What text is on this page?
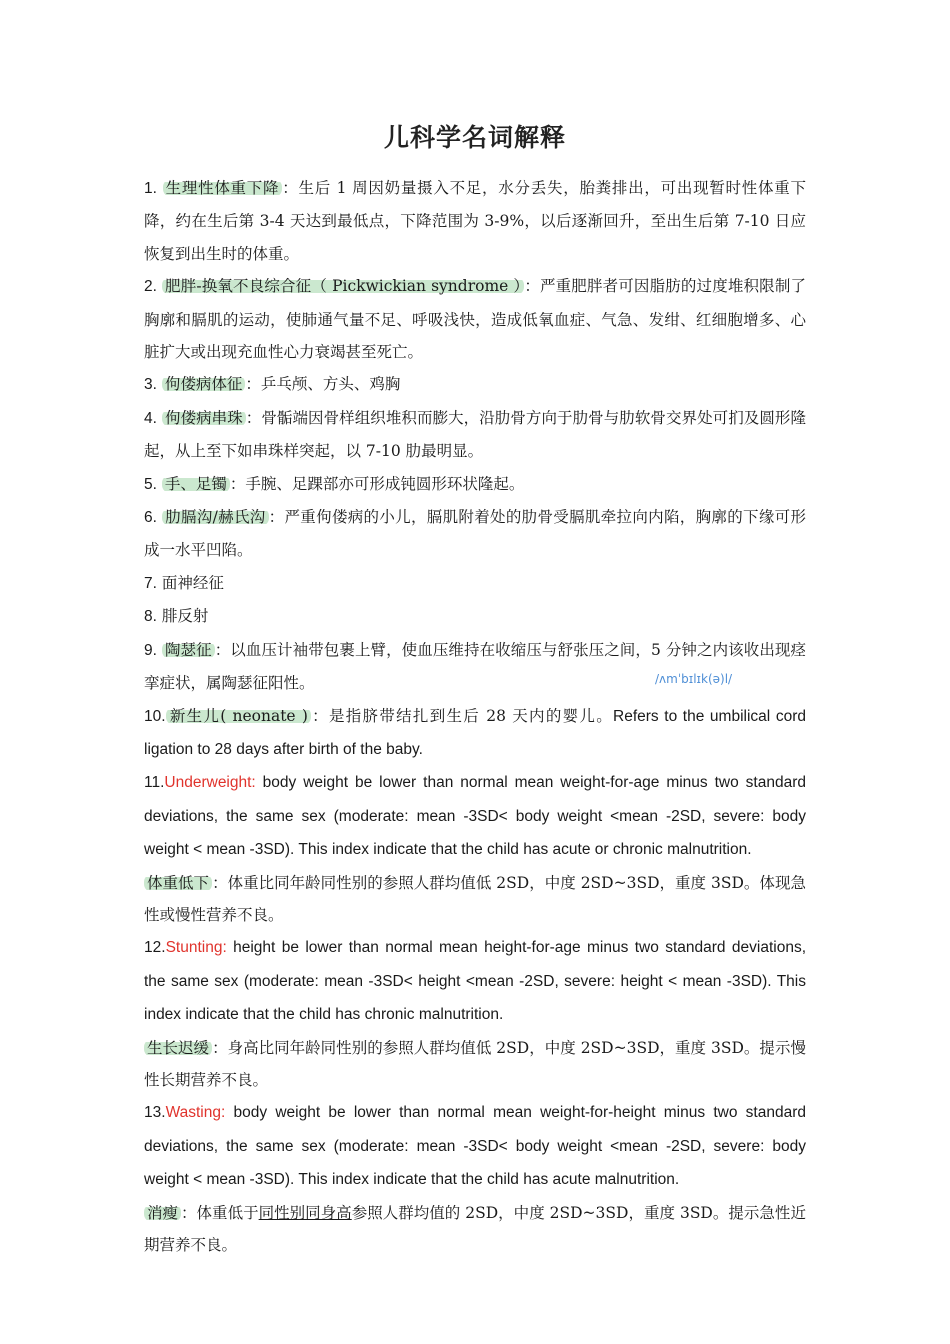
儿科学名词解释

1. 生理性体重下降 ：生后 1 周因奶量摄入不足，水分丢失，胎粪排出，可出现暂时性体重下降，约在生后第 3-4 天达到最低点，下降范围为 3-9%，以后逐渐回升，至出生后第 7-10 日应恢复到出生时的体重。

2. 肥胖-换氧不良综合征（ Pickwickian syndrome ） ：严重肥胖者可因脂肪的过度堆积限制了胸廓和膈肌的运动，使肺通气量不足、呼吸浅快，造成低氧血症、气急、发绀、红细胞增多、心脏扩大或出现充血性心力衰竭甚至死亡。

3. 佝偻病体征 ：乒乓颅、方头、鸡胸

4. 佝偻病串珠 ：骨骺端因骨样组织堆积而膨大，沿肋骨方向于肋骨与肋软骨交界处可扪及圆形隆起，从上至下如串珠样突起，以 7-10 肋最明显。

5. 手、足镯 ：手腕、足踝部亦可形成钝圆形环状隆起。

6. 肋膈沟/赫氏沟 ：严重佝偻病的小儿，膈肌附着处的肋骨受膈肌牵拉向内陷，胸廓的下缘可形成一水平凹陷。

7. 面神经征

8. 腓反射

9. 陶瑟征 ：以血压计袖带包裹上臂，使血压维持在收缩压与舒张压之间，5 分钟之内该收出现痉挛症状，属陶瑟征阳性。

10. 新生儿( neonate ) ：是指脐带结扎到生后 28 天内的婴儿。Refers to the umbilical cord ligation to 28 days after birth of the baby.

11.Underweight: body weight be lower than normal mean weight-for-age minus two standard deviations, the same sex (moderate: mean -3SD< body weight <mean -2SD, severe: body weight < mean -3SD). This index indicate that the child has acute or chronic malnutrition.

体重低下 ：体重比同年龄同性别的参照人群均值低 2SD，中度 2SD~3SD，重度 3SD。体现急性或慢性营养不良。

12.Stunting: height be lower than normal mean height-for-age minus two standard deviations, the same sex (moderate: mean -3SD< height <mean -2SD, severe: height < mean -3SD). This index indicate that the child has chronic malnutrition.

生长迟缓 ：身高比同年龄同性别的参照人群均值低 2SD，中度 2SD~3SD，重度 3SD。提示慢性长期营养不良。

13.Wasting: body weight be lower than normal mean weight-for-height minus two standard deviations, the same sex (moderate: mean -3SD< body weight <mean -2SD, severe: body weight < mean -3SD). This index indicate that the child has acute malnutrition.

消瘦 ：体重低于同性别同身高参照人群均值的 2SD，中度 2SD~3SD，重度 3SD。提示急性近期营养不良。

/ʌmˈbɪlɪk(ə)l/
